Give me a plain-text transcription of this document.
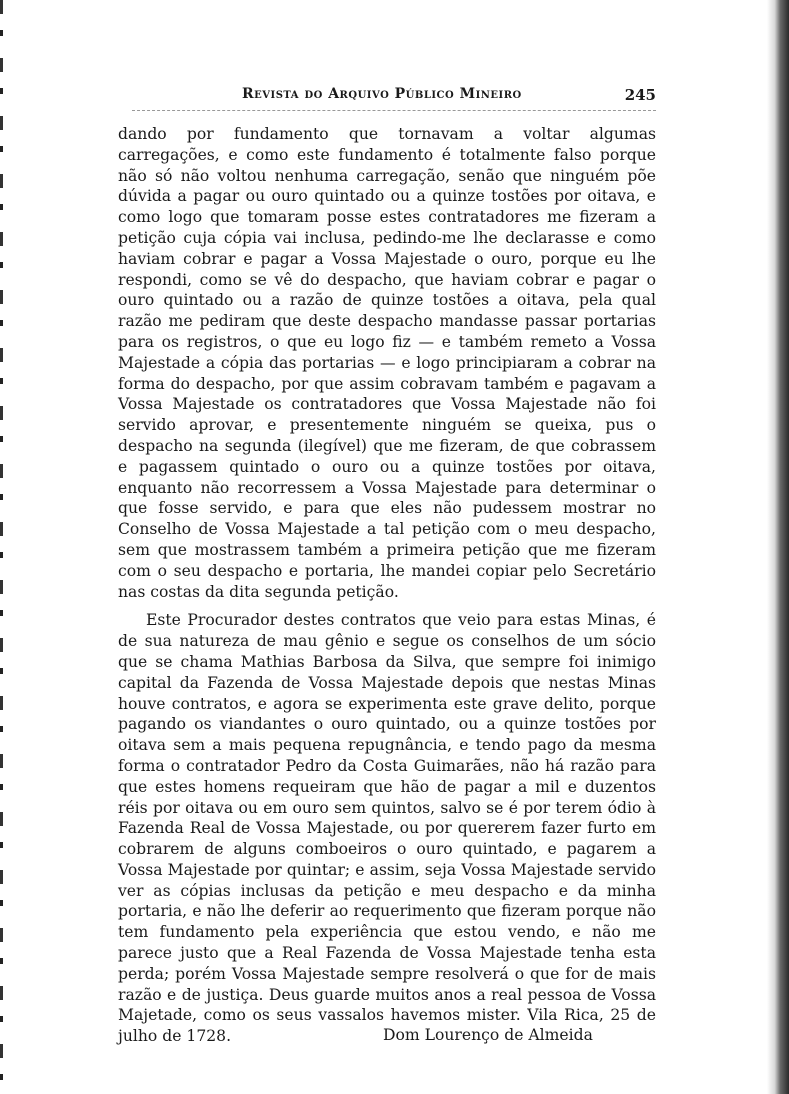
Revista do Arquivo Público Mineiro	245

dando por fundamento que tornavam a voltar algumas carregações, e como este fundamento é totalmente falso porque não só não voltou nenhuma carregação, senão que ninguém põe dúvida a pagar ou ouro quintado ou a quinze tostões por oitava, e como logo que tomaram posse estes contratadores me fizeram a petição cuja cópia vai inclusa, pedindo-me lhe declarasse e como haviam cobrar e pagar a Vossa Majestade o ouro, porque eu lhe respondi, como se vê do despacho, que haviam cobrar e pagar o ouro quintado ou a razão de quinze tostões a oitava, pela qual razão me pediram que deste despacho mandasse passar portarias para os registros, o que eu logo fiz — e também remeto a Vossa Majestade a cópia das portarias — e logo principiaram a cobrar na forma do despacho, por que assim cobravam também e pagavam a Vossa Majestade os contratadores que Vossa Majestade não foi servido aprovar, e presentemente ninguém se queixa, pus o despacho na segunda (ilegível) que me fizeram, de que cobrassem e pagassem quintado o ouro ou a quinze tostões por oitava, enquanto não recorressem a Vossa Majestade para determinar o que fosse servido, e para que eles não pudessem mostrar no Conselho de Vossa Majestade a tal petição com o meu despacho, sem que mostrassem também a primeira petição que me fizeram com o seu despacho e portaria, lhe mandei copiar pelo Secretário nas costas da dita segunda petição.

Este Procurador destes contratos que veio para estas Minas, é de sua natureza de mau gênio e segue os conselhos de um sócio que se chama Mathias Barbosa da Silva, que sempre foi inimigo capital da Fazenda de Vossa Majestade depois que nestas Minas houve contratos, e agora se experimenta este grave delito, porque pagando os viandantes o ouro quintado, ou a quinze tostões por oitava sem a mais pequena repugnância, e tendo pago da mesma forma o contratador Pedro da Costa Guimarães, não há razão para que estes homens requeiram que hão de pagar a mil e duzentos réis por oitava ou em ouro sem quintos, salvo se é por terem ódio à Fazenda Real de Vossa Majestade, ou por quererem fazer furto em cobrarem de alguns comboeiros o ouro quintado, e pagarem a Vossa Majestade por quintar; e assim, seja Vossa Majestade servido ver as cópias inclusas da petição e meu despacho e da minha portaria, e não lhe deferir ao requerimento que fizeram porque não tem fundamento pela experiência que estou vendo, e não me parece justo que a Real Fazenda de Vossa Majestade tenha esta perda; porém Vossa Majestade sempre resolverá o que for de mais razão e de justiça. Deus guarde muitos anos a real pessoa de Vossa Majetade, como os seus vassalos havemos mister. Vila Rica, 25 de julho de 1728.	Dom Lourenço de Almeida
